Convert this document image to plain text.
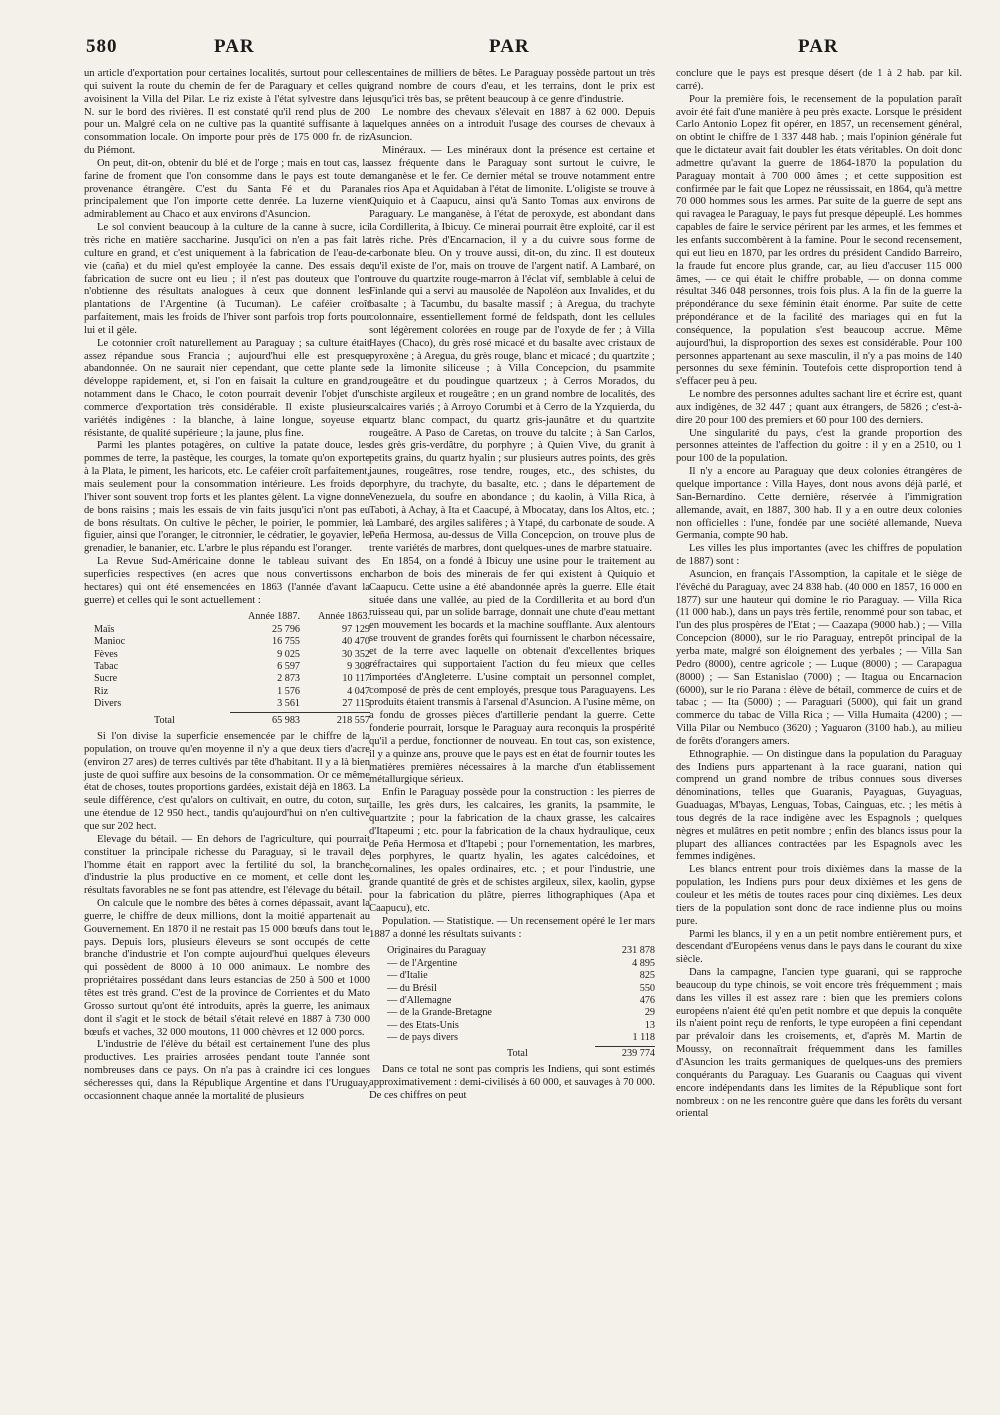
580	PAR	PAR	PAR

un article d'exportation pour certaines localités, surtout pour celles qui suivent la route du chemin de fer de Paraguary et celles qui avoisinent la Villa del Pilar. Le riz existe à l'état sylvestre dans le N. sur le bord des rivières. Il est constaté qu'il rend plus de 200 pour un. Malgré cela on ne cultive pas la quantité suffisante à la consommation locale. On importe pour près de 175 000 fr. de riz du Piémont.

On peut, dit-on, obtenir du blé et de l'orge ; mais en tout cas, la farine de froment que l'on consomme dans le pays est toute de provenance étrangère. C'est du Santa Fé et du Parana principalement que l'on importe cette denrée. La luzerne vient admirablement au Chaco et aux environs d'Asuncion.

Le sol convient beaucoup à la culture de la canne à sucre, ici très riche en matière saccharine. Jusqu'ici on n'en a pas fait la culture en grand, et c'est uniquement à la fabrication de l'eau-de-vie (caña) et du miel qu'est employée la canne. Des essais de fabrication de sucre ont eu lieu ; il n'est pas douteux que l'on n'obtienne des résultats analogues à ceux que donnent les plantations de l'Argentine (à Tucuman). Le caféier croît parfaitement, mais les froids de l'hiver sont parfois trop forts pour lui et il gèle.

Le cotonnier croît naturellement au Paraguay ; sa culture était assez répandue sous Francia ; aujourd'hui elle est presque abandonnée. On ne saurait nier cependant, que cette plante se développe rapidement, et, si l'on en faisait la culture en grand, notamment dans le Chaco, le coton pourrait devenir l'objet d'un commerce d'exportation très considérable. Il existe plusieurs variétés indigènes : la blanche, à laine longue, soyeuse et résistante, de qualité supérieure ; la jaune, plus fine.

Parmi les plantes potagères, on cultive la patate douce, les pommes de terre, la pastèque, les courges, la tomate qu'on exporte à la Plata, le piment, les haricots, etc. Le caféier croît parfaitement, mais seulement pour la consommation intérieure. Les froids de l'hiver sont souvent trop forts et les plantes gèlent. La vigne donne de bons raisins ; mais les essais de vin faits jusqu'ici n'ont pas eu de bons résultats. On cultive le pêcher, le poirier, le pommier, le figuier, ainsi que l'oranger, le citronnier, le cédratier, le goyavier, le grenadier, le bananier, etc. L'arbre le plus répandu est l'oranger.

La Revue Sud-Américaine donne le tableau suivant des superficies respectives (en acres que nous convertissons en hectares) qui ont été ensemencées en 1863 (l'année d'avant la guerre) et celles qui le sont actuellement :

Année 1887.	Année 1863.
Maïs	25 796	97 129
Manioc	16 755	40 470
Fèves	9 025	30 352
Tabac	6 597	9 308
Sucre	2 873	10 117
Riz	1 576	4 047
Divers	3 561	27 115
Total	65 983	218 557

Si l'on divise la superficie ensemencée par le chiffre de la population, on trouve qu'en moyenne il n'y a que deux tiers d'acre (environ 27 ares) de terres cultivés par tête d'habitant. Il y a là bien juste de quoi suffire aux besoins de la consommation. Or ce même état de choses, toutes proportions gardées, existait déjà en 1863. La seule différence, c'est qu'alors on cultivait, en outre, du coton, sur une étendue de 12 950 hect., tandis qu'aujourd'hui on n'en cultive que sur 202 hect.

Elevage du bétail. — En dehors de l'agriculture, qui pourrait constituer la principale richesse du Paraguay, si le travail de l'homme était en rapport avec la fertilité du sol, la branche d'industrie la plus productive en ce moment, et celle dont les résultats favorables ne se font pas attendre, est l'élevage du bétail.

On calcule que le nombre des bêtes à cornes dépassait, avant la guerre, le chiffre de deux millions, dont la moitié appartenait au Gouvernement. En 1870 il ne restait pas 15 000 bœufs dans tout le pays. Depuis lors, plusieurs éleveurs se sont occupés de cette branche d'industrie et l'on compte aujourd'hui quelques éleveurs qui possèdent de 8000 à 10 000 animaux. Le nombre des propriétaires possédant dans leurs estancias de 250 à 500 et 1000 têtes est très grand. C'est de la province de Corrientes et du Mato Grosso surtout qu'ont été introduits, après la guerre, les animaux dont il s'agit et le stock de bétail s'était relevé en 1887 à 730 000 bœufs et vaches, 32 000 moutons, 11 000 chèvres et 12 000 porcs.

L'industrie de l'élève du bétail est certainement l'une des plus productives. Les prairies arrosées pendant toute l'année sont nombreuses dans ce pays. On n'a pas à craindre ici ces longues sécheresses qui, dans la République Argentine et dans l'Uruguay, occasionnent chaque année la mortalité de plusieurs

centaines de milliers de bêtes. Le Paraguay possède partout un très grand nombre de cours d'eau, et les terrains, dont le prix est jusqu'ici très bas, se prêtent beaucoup à ce genre d'industrie.

Le nombre des chevaux s'élevait en 1887 à 62 000. Depuis quelques années on a introduit l'usage des courses de chevaux à Asuncion.

Minéraux. — Les minéraux dont la présence est certaine et assez fréquente dans le Paraguay sont surtout le cuivre, le manganèse et le fer. Ce dernier métal se trouve notamment entre les rios Apa et Aquidaban à l'état de limonite. L'oligiste se trouve à Quiquio et à Caapucu, ainsi qu'à Santo Tomas aux environs de Paraguary. Le manganèse, à l'état de peroxyde, est abondant dans la Cordillerita, à Ibicuy. Ce minerai pourrait être exploité, car il est très riche. Près d'Encarnacion, il y a du cuivre sous forme de carbonate bleu. On y trouve aussi, dit-on, du zinc. Il est douteux qu'il existe de l'or, mais on trouve de l'argent natif. A Lambaré, on trouve du quartzite rouge-marron à l'éclat vif, semblable à celui de Finlande qui a servi au mausolée de Napoléon aux Invalides, et du basalte ; à Tacumbu, du basalte massif ; à Aregua, du trachyte colonnaire, essentiellement formé de feldspath, dont les cellules sont légèrement colorées en rouge par de l'oxyde de fer ; à Villa Hayes (Chaco), du grès rosé micacé et du basalte avec cristaux de pyroxène ; à Aregua, du grès rouge, blanc et micacé ; du quartzite ; de la limonite siliceuse ; à Villa Concepcion, du psammite rougeâtre et du poudingue quartzeux ; à Cerros Morados, du schiste argileux et rougeâtre ; en un grand nombre de localités, des calcaires variés ; à Arroyo Corumbi et à Cerro de la Yzquierda, du quartz blanc compact, du quartz gris-jaunâtre et du quartzite rougeâtre. A Paso de Caretas, on trouve du talcite ; à San Carlos, des grès gris-verdâtre, du porphyre ; à Quien Vive, du granit à petits grains, du quartz hyalin ; sur plusieurs autres points, des grès jaunes, rougeâtres, rose tendre, rouges, etc., des schistes, du porphyre, du trachyte, du basalte, etc. ; dans le département de Venezuela, du soufre en abondance ; du kaolin, à Villa Rica, à Taboti, à Achay, à Ita et Caacupé, à Mbocatay, dans los Altos, etc. ; à Lambaré, des argiles salifères ; à Ytapé, du carbonate de soude. A Peña Hermosa, au-dessus de Villa Concepcion, on trouve plus de trente variétés de marbres, dont quelques-unes de marbre statuaire.

En 1854, on a fondé à Ibicuy une usine pour le traitement au charbon de bois des minerais de fer qui existent à Quiquio et Caapucu. Cette usine a été abandonnée après la guerre. Elle était située dans une vallée, au pied de la Cordillerita et au bord d'un ruisseau qui, par un solide barrage, donnait une chute d'eau mettant en mouvement les bocards et la machine soufflante. Aux alentours se trouvent de grandes forêts qui fournissent le charbon nécessaire, et de la terre avec laquelle on obtenait d'excellentes briques réfractaires qui supportaient l'action du feu mieux que celles importées d'Angleterre. L'usine comptait un personnel complet, composé de près de cent employés, presque tous Paraguayens. Les produits étaient transmis à l'arsenal d'Asuncion. A l'usine même, on a fondu de grosses pièces d'artillerie pendant la guerre. Cette fonderie pourrait, lorsque le Paraguay aura reconquis la prospérité qu'il a perdue, fonctionner de nouveau. En tout cas, son existence, il y a quinze ans, prouve que le pays est en état de fournir toutes les matières premières nécessaires à la marche d'un établissement métallurgique sérieux.

Enfin le Paraguay possède pour la construction : les pierres de taille, les grès durs, les calcaires, les granits, la psammite, le quartzite ; pour la fabrication de la chaux grasse, les calcaires d'Itapeumi ; etc. pour la fabrication de la chaux hydraulique, ceux de Peña Hermosa et d'Itapebi ; pour l'ornementation, les marbres, les porphyres, le quartz hyalin, les agates calcédoines, et cornalines, les opales ordinaires, etc. ; et pour l'industrie, une grande quantité de grès et de schistes argileux, silex, kaolin, gypse pour la fabrication du plâtre, pierres lithographiques (Apa et Caapucu), etc.

Population. — Statistique. — Un recensement opéré le 1er mars 1887 a donné les résultats suivants :

Originaires du Paraguay	231 878
— de l'Argentine	4 895
— d'Italie	825
— du Brésil	550
— d'Allemagne	476
— de la Grande-Bretagne	29
— des Etats-Unis	13
— de pays divers	1 118
Total	239 774

Dans ce total ne sont pas compris les Indiens, qui sont estimés approximativement : demi-civilisés à 60 000, et sauvages à 70 000. De ces chiffres on peut

conclure que le pays est presque désert (de 1 à 2 hab. par kil. carré).

Pour la première fois, le recensement de la population paraît avoir été fait d'une manière à peu près exacte. Lorsque le président Carlo Antonio Lopez fit opérer, en 1857, un recensement général, on obtint le chiffre de 1 337 448 hab. ; mais l'opinion générale fut que le dictateur avait fait doubler les états véritables. On doit donc admettre qu'avant la guerre de 1864-1870 la population du Paraguay montait à 700 000 âmes ; et cette supposition est confirmée par le fait que Lopez ne réussissait, en 1864, qu'à mettre 70 000 hommes sous les armes. Par suite de la guerre de sept ans qui ravagea le Paraguay, le pays fut presque dépeuplé. Les hommes capables de faire le service périrent par les armes, et les femmes et les enfants succombèrent à la famine. Pour le second recensement, qui eut lieu en 1870, par les ordres du président Candido Barreiro, la fraude fut encore plus grande, car, au lieu d'accuser 115 000 âmes, — ce qui était le chiffre probable, — on donna comme résultat 346 048 personnes, trois fois plus. A la fin de la guerre la prépondérance du sexe féminin était énorme. Par suite de cette prépondérance et de la facilité des mariages qui en fut la conséquence, la population s'est beaucoup accrue. Même aujourd'hui, la disproportion des sexes est considérable. Pour 100 personnes appartenant au sexe masculin, il n'y a pas moins de 140 personnes du sexe féminin. Toutefois cette disproportion tend à s'effacer peu à peu.

Le nombre des personnes adultes sachant lire et écrire est, quant aux indigènes, de 32 447 ; quant aux étrangers, de 5826 ; c'est-à-dire 20 pour 100 des premiers et 60 pour 100 des derniers.

Une singularité du pays, c'est la grande proportion des personnes atteintes de l'affection du goitre : il y en a 2510, ou 1 pour 100 de la population.

Il n'y a encore au Paraguay que deux colonies étrangères de quelque importance : Villa Hayes, dont nous avons déjà parlé, et San-Bernardino. Cette dernière, réservée à l'immigration allemande, avait, en 1887, 300 hab. Il y a en outre deux colonies non officielles : l'une, fondée par une société allemande, Nueva Germania, compte 90 hab.

Les villes les plus importantes (avec les chiffres de population de 1887) sont :

Asuncion, en français l'Assomption, la capitale et le siège de l'évêché du Paraguay, avec 24 838 hab. (40 000 en 1857, 16 000 en 1877) sur une hauteur qui domine le rio Paraguay. — Villa Rica (11 000 hab.), dans un pays très fertile, renommé pour son tabac, et l'un des plus prospères de l'Etat ; — Caazapa (9000 hab.) ; — Villa Concepcion (8000), sur le rio Paraguay, entrepôt principal de la yerba mate, malgré son éloignement des yerbales ; — Villa San Pedro (8000), centre agricole ; — Luque (8000) ; — Carapagua (8000) ; — San Estanislao (7000) ; — Itagua ou Encarnacion (6000), sur le rio Parana : élève de bétail, commerce de cuirs et de tabac ; — Ita (5000) ; — Paraguari (5000), qui fait un grand commerce du tabac de Villa Rica ; — Villa Humaita (4200) ; — Villa Pilar ou Nembuco (3620) ; Yaguaron (3100 hab.), au milieu de forêts d'orangers amers.

Ethnographie. — On distingue dans la population du Paraguay des Indiens purs appartenant à la race guarani, nation qui comprend un grand nombre de tribus connues sous diverses dénominations, telles que Guaranis, Payaguas, Guyaguas, Guaduagas, M'bayas, Lenguas, Tobas, Cainguas, etc. ; les métis à tous degrés de la race indigène avec les Espagnols ; quelques nègres et mulâtres en petit nombre ; enfin des blancs issus pour la plupart des alliances contractées par les Espagnols avec les femmes indigènes.

Les blancs entrent pour trois dixièmes dans la masse de la population, les Indiens purs pour deux dixièmes et les gens de couleur et les métis de toutes races pour cinq dixièmes. Les deux tiers de la population sont donc de race indienne plus ou moins pure.

Parmi les blancs, il y en a un petit nombre entièrement purs, et descendant d'Européens venus dans le pays dans le courant du xixe siècle.

Dans la campagne, l'ancien type guarani, qui se rapproche beaucoup du type chinois, se voit encore très fréquemment ; mais dans les villes il est assez rare : bien que les premiers colons européens n'aient été qu'en petit nombre et que depuis la conquête ils n'aient point reçu de renforts, le type européen a fini cependant par prévaloir dans les croisements, et, d'après M. Martin de Moussy, on reconnaîtrait fréquemment dans les familles d'Asuncion les traits germaniques de quelques-uns des premiers conquérants du Paraguay. Les Guaranis ou Caaguas qui vivent encore indépendants dans les limites de la République sont fort nombreux : on ne les rencontre guère que dans les forêts du versant oriental
